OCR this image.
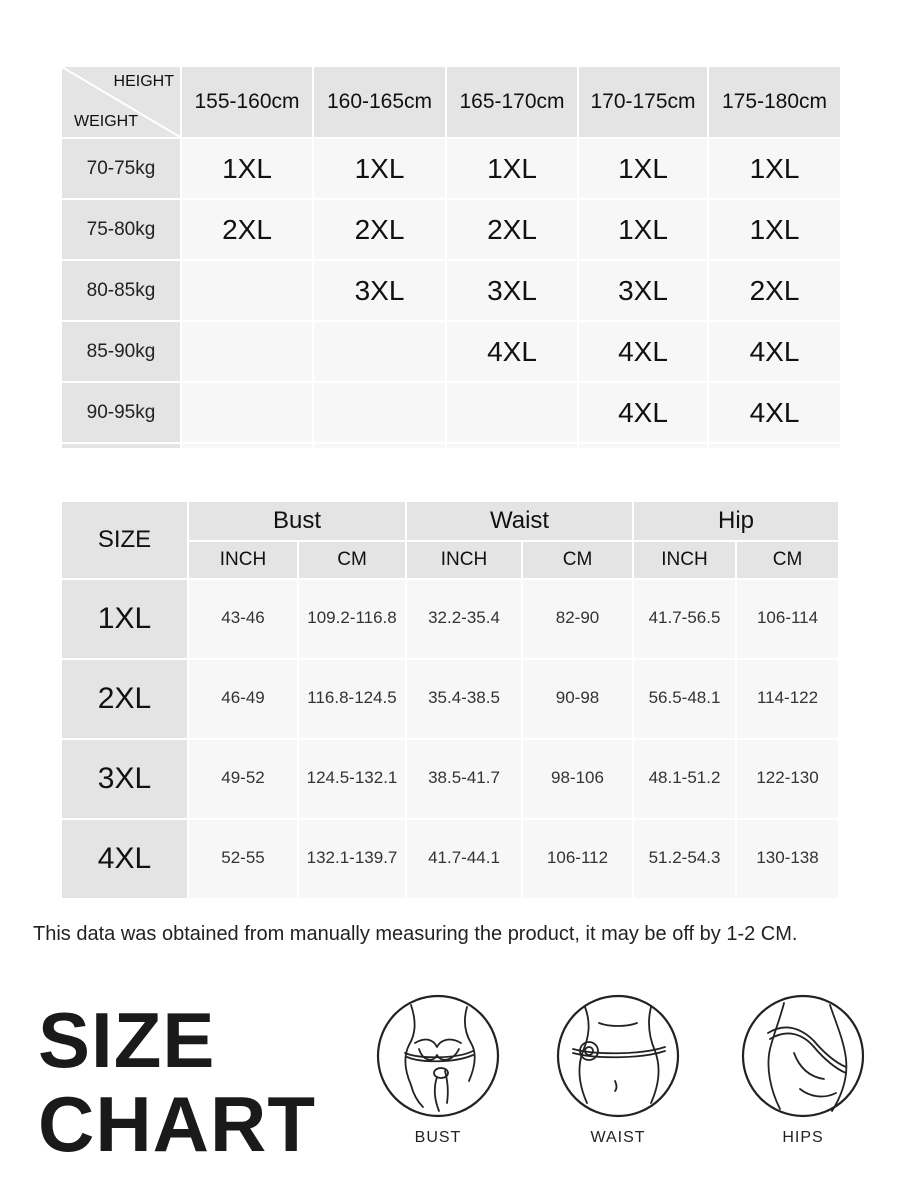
HEIGHT
WEIGHT	155-160cm	160-165cm	165-170cm	170-175cm	175-180cm
70-75kg	1XL	1XL	1XL	1XL	1XL
75-80kg	2XL	2XL	2XL	1XL	1XL
80-85kg		3XL	3XL	3XL	2XL
85-90kg			4XL	4XL	4XL
90-95kg				4XL	4XL

SIZE	Bust		Waist		Hip	
	INCH	CM	INCH	CM	INCH	CM
1XL	43-46	109.2-116.8	32.2-35.4	82-90	41.7-56.5	106-114
2XL	46-49	116.8-124.5	35.4-38.5	90-98	56.5-48.1	114-122
3XL	49-52	124.5-132.1	38.5-41.7	98-106	48.1-51.2	122-130
4XL	52-55	132.1-139.7	41.7-44.1	106-112	51.2-54.3	130-138
This data was obtained from manually measuring the product, it may be off by 1-2 CM.
SIZE
CHART	BUST	WAIST	HIPS
